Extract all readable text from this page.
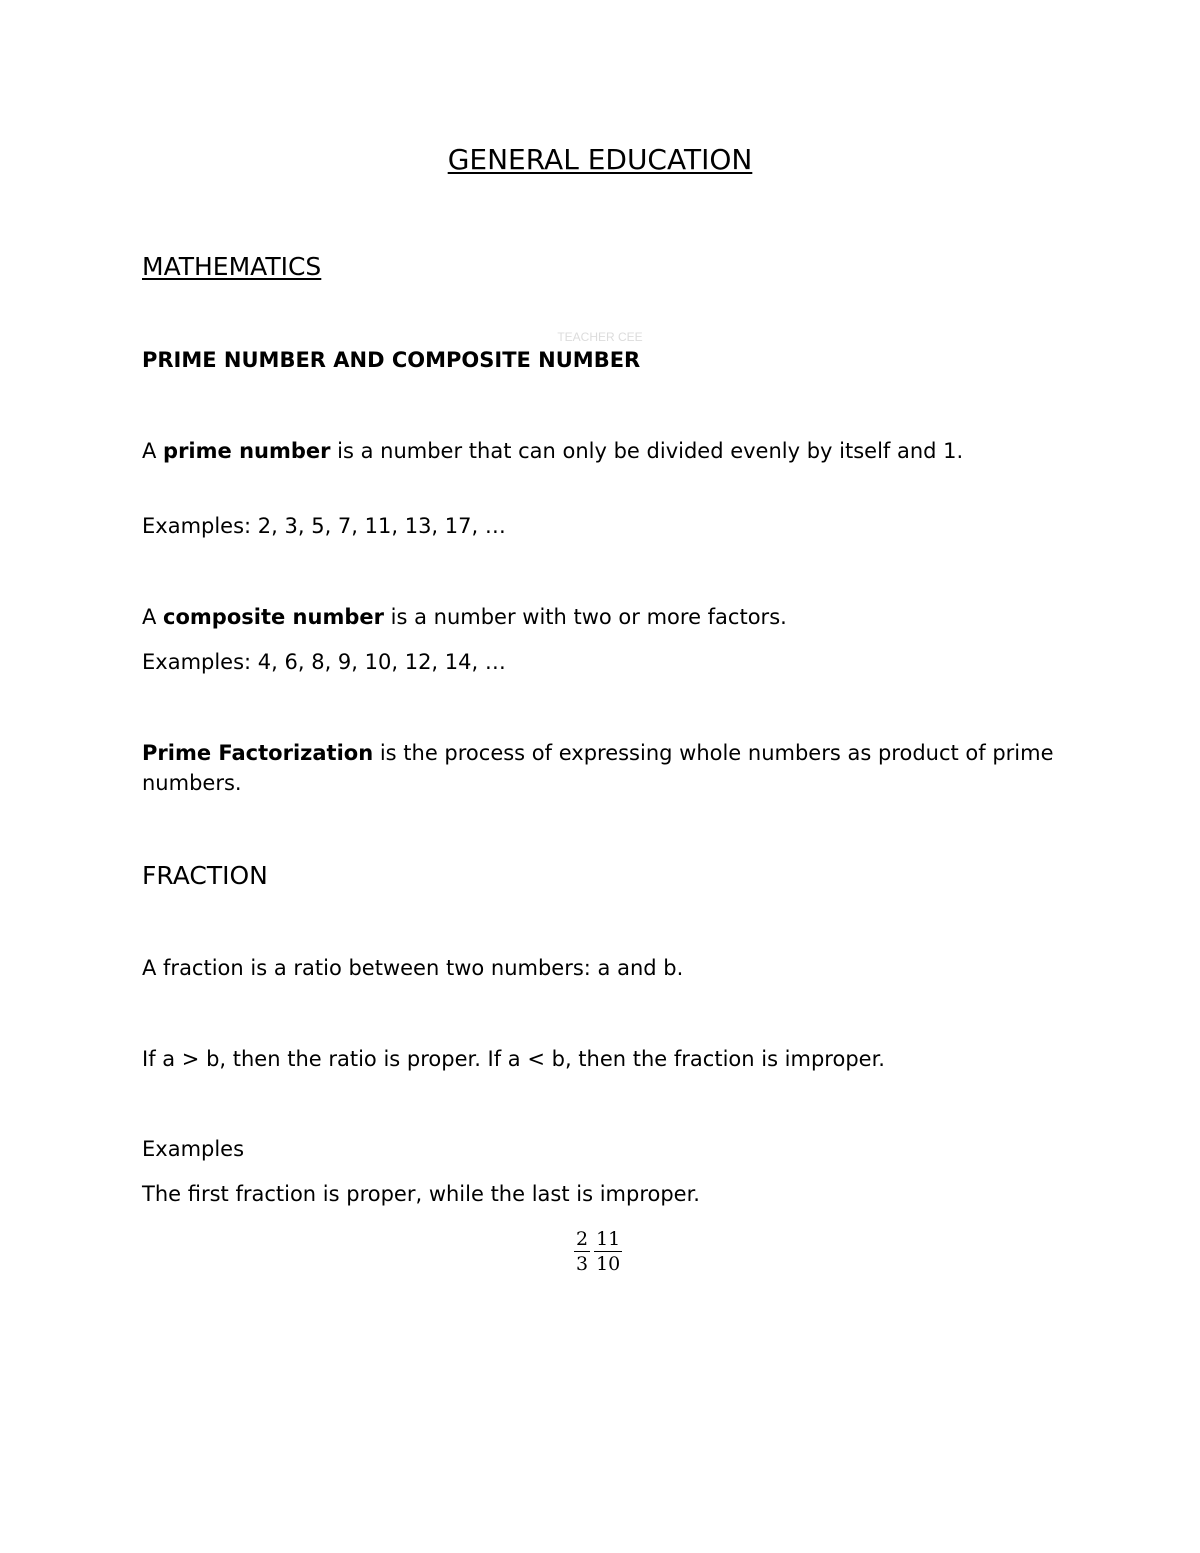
GENERAL EDUCATION
MATHEMATICS
TEACHER CEE
PRIME NUMBER AND COMPOSITE NUMBER

A prime number is a number that can only be divided evenly by itself and 1.

Examples: 2, 3, 5, 7, 11, 13, 17, …

A composite number is a number with two or more factors.

Examples: 4, 6, 8, 9, 10, 12, 14, …

Prime Factorization is the process of expressing whole numbers as product of prime numbers.

FRACTION

A fraction is a ratio between two numbers: a and b.

If a > b, then the ratio is proper. If a < b, then the fraction is improper.

Examples

The first fraction is proper, while the last is improper.

$\frac{2}{3} \frac{11}{10}$
